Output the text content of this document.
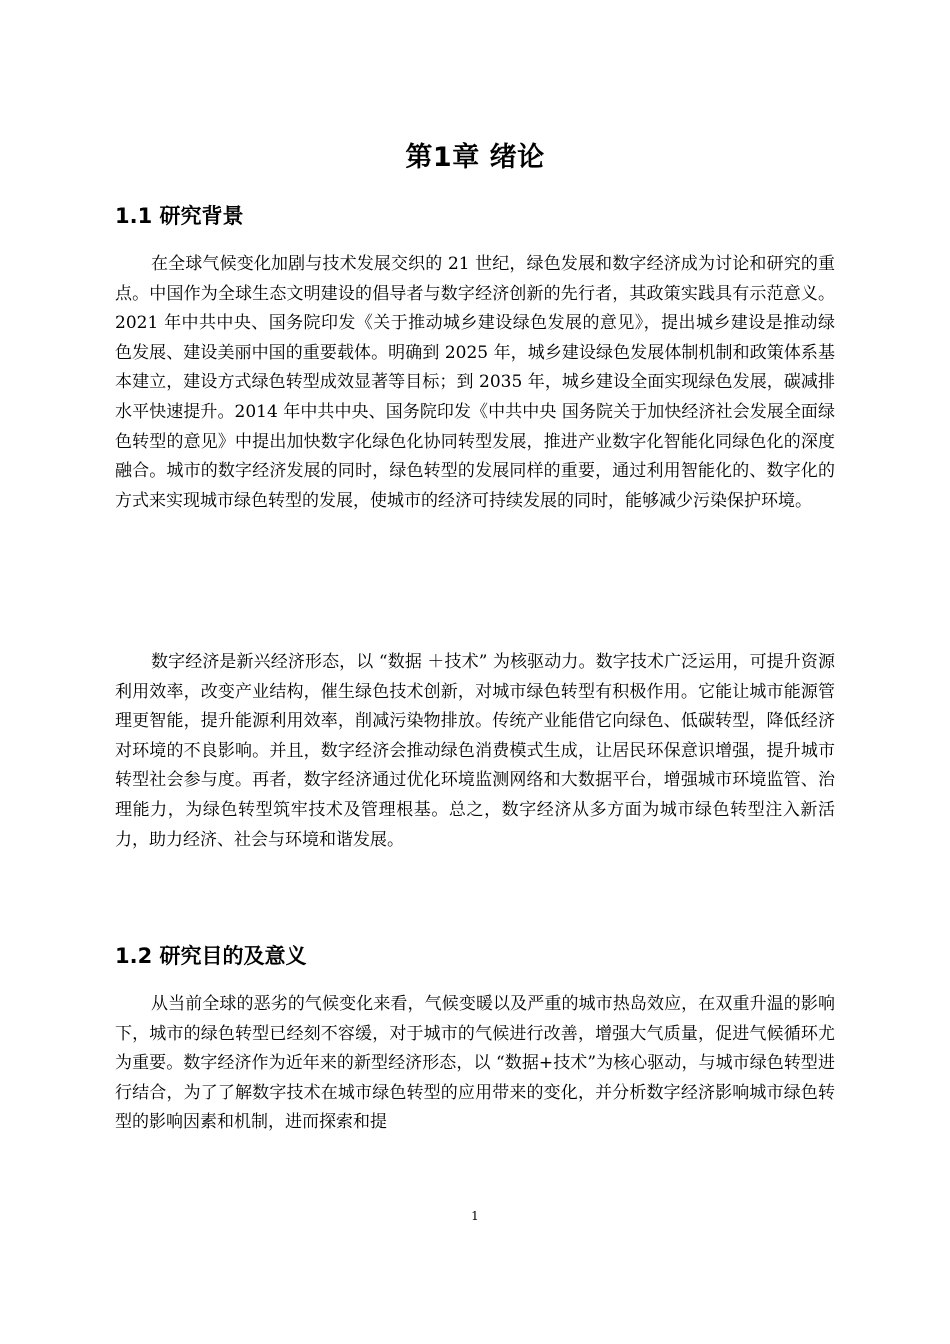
第1章 绪论
1.1 研究背景

在全球气候变化加剧与技术发展交织的 21 世纪，绿色发展和数字经济成为讨论和研究的重点。中国作为全球生态文明建设的倡导者与数字经济创新的先行者，其政策实践具有示范意义。2021 年中共中央、国务院印发《关于推动城乡建设绿色发展的意见》，提出城乡建设是推动绿色发展、建设美丽中国的重要载体。明确到 2025 年，城乡建设绿色发展体制机制和政策体系基本建立，建设方式绿色转型成效显著等目标；到 2035 年，城乡建设全面实现绿色发展，碳减排水平快速提升。2014 年中共中央、国务院印发《中共中央 国务院关于加快经济社会发展全面绿色转型的意见》中提出加快数字化绿色化协同转型发展，推进产业数字化智能化同绿色化的深度融合。城市的数字经济发展的同时，绿色转型的发展同样的重要，通过利用智能化的、数字化的方式来实现城市绿色转型的发展，使城市的经济可持续发展的同时，能够减少污染保护环境。

数字经济是新兴经济形态，以 “数据 ＋技术” 为核驱动力。数字技术广泛运用，可提升资源利用效率，改变产业结构，催生绿色技术创新，对城市绿色转型有积极作用。它能让城市能源管理更智能，提升能源利用效率，削减污染物排放。传统产业能借它向绿色、低碳转型，降低经济对环境的不良影响。并且，数字经济会推动绿色消费模式生成，让居民环保意识增强，提升城市转型社会参与度。再者，数字经济通过优化环境监测网络和大数据平台，增强城市环境监管、治理能力，为绿色转型筑牢技术及管理根基。总之，数字经济从多方面为城市绿色转型注入新活力，助力经济、社会与环境和谐发展。

1.2 研究目的及意义

从当前全球的恶劣的气候变化来看，气候变暖以及严重的城市热岛效应，在双重升温的影响下，城市的绿色转型已经刻不容缓，对于城市的气候进行改善，增强大气质量，促进气候循环尤为重要。数字经济作为近年来的新型经济形态，以 “数据+技术”为核心驱动，与城市绿色转型进行结合，为了了解数字技术在城市绿色转型的应用带来的变化，并分析数字经济影响城市绿色转型的影响因素和机制，进而探索和提

1
